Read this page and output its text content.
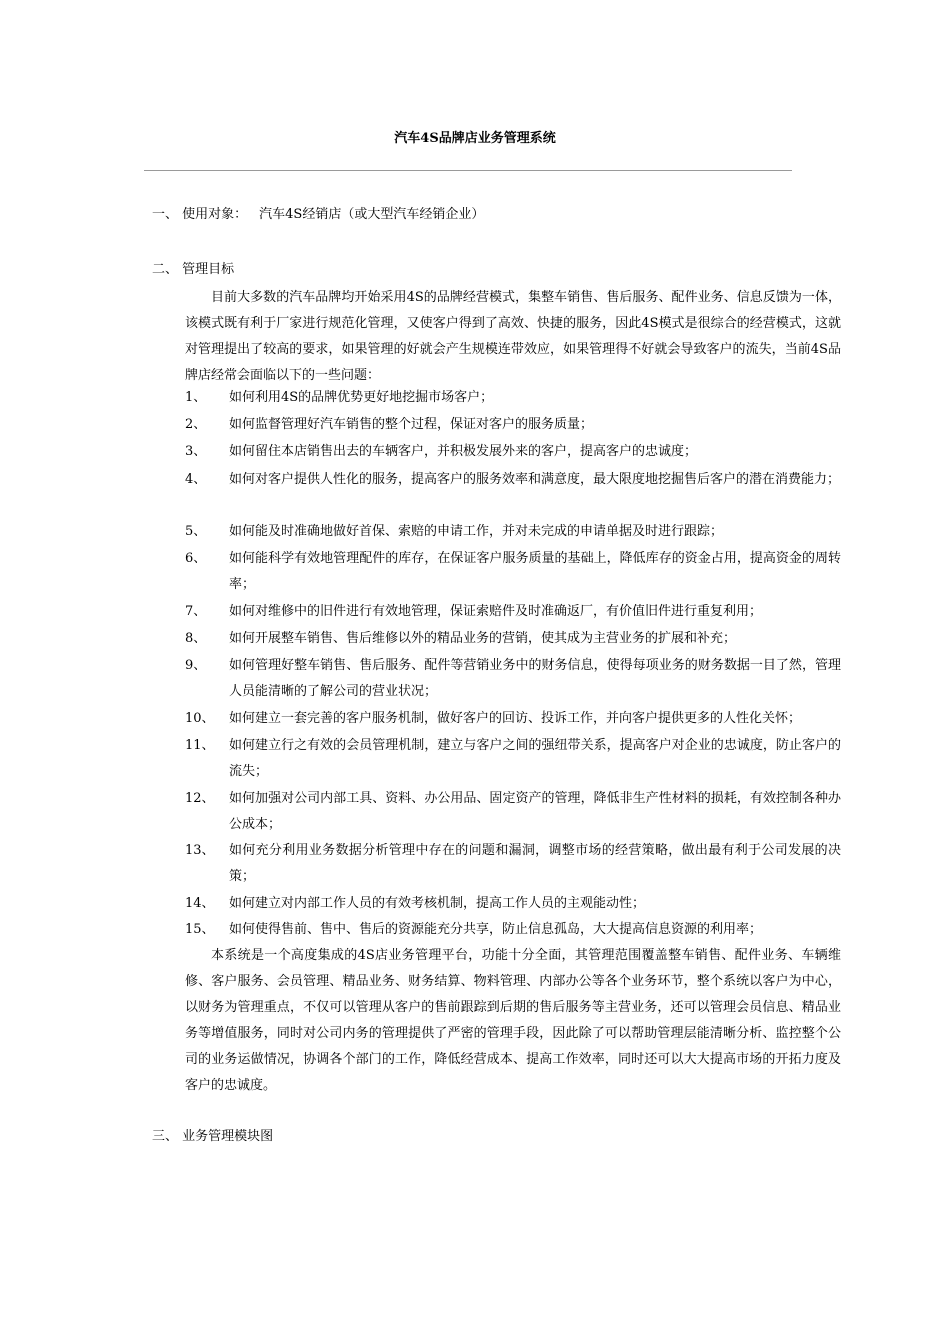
汽车4S品牌店业务管理系统
一、 使用对象： 汽车4S经销店（或大型汽车经销企业）
二、 管理目标
目前大多数的汽车品牌均开始采用4S的品牌经营模式，集整车销售、售后服务、配件业务、信息反馈为一体，该模式既有利于厂家进行规范化管理，又使客户得到了高效、快捷的服务，因此4S模式是很综合的经营模式，这就对管理提出了较高的要求，如果管理的好就会产生规模连带效应，如果管理得不好就会导致客户的流失，当前4S品牌店经常会面临以下的一些问题：
1、 如何利用4S的品牌优势更好地挖掘市场客户；
2、 如何监督管理好汽车销售的整个过程，保证对客户的服务质量；
3、 如何留住本店销售出去的车辆客户，并积极发展外来的客户，提高客户的忠诚度；
4、 如何对客户提供人性化的服务，提高客户的服务效率和满意度，最大限度地挖掘售后客户的潜在消费能力；
5、 如何能及时准确地做好首保、索赔的申请工作，并对未完成的申请单据及时进行跟踪；
6、 如何能科学有效地管理配件的库存，在保证客户服务质量的基础上，降低库存的资金占用，提高资金的周转率；
7、 如何对维修中的旧件进行有效地管理，保证索赔件及时准确返厂，有价值旧件进行重复利用；
8、 如何开展整车销售、售后维修以外的精品业务的营销，使其成为主营业务的扩展和补充；
9、 如何管理好整车销售、售后服务、配件等营销业务中的财务信息，使得每项业务的财务数据一目了然，管理人员能清晰的了解公司的营业状况；
10、 如何建立一套完善的客户服务机制，做好客户的回访、投诉工作，并向客户提供更多的人性化关怀；
11、 如何建立行之有效的会员管理机制，建立与客户之间的强纽带关系，提高客户对企业的忠诚度，防止客户的流失；
12、 如何加强对公司内部工具、资料、办公用品、固定资产的管理，降低非生产性材料的损耗，有效控制各种办公成本；
13、 如何充分利用业务数据分析管理中存在的问题和漏洞，调整市场的经营策略，做出最有利于公司发展的决策；
14、 如何建立对内部工作人员的有效考核机制，提高工作人员的主观能动性；
15、 如何使得售前、售中、售后的资源能充分共享，防止信息孤岛，大大提高信息资源的利用率；
本系统是一个高度集成的4S店业务管理平台，功能十分全面，其管理范围覆盖整车销售、配件业务、车辆维修、客户服务、会员管理、精品业务、财务结算、物料管理、内部办公等各个业务环节，整个系统以客户为中心，以财务为管理重点，不仅可以管理从客户的售前跟踪到后期的售后服务等主营业务，还可以管理会员信息、精品业务等增值服务，同时对公司内务的管理提供了严密的管理手段，因此除了可以帮助管理层能清晰分析、监控整个公司的业务运做情况，协调各个部门的工作，降低经营成本、提高工作效率，同时还可以大大提高市场的开拓力度及客户的忠诚度。
三、 业务管理模块图
